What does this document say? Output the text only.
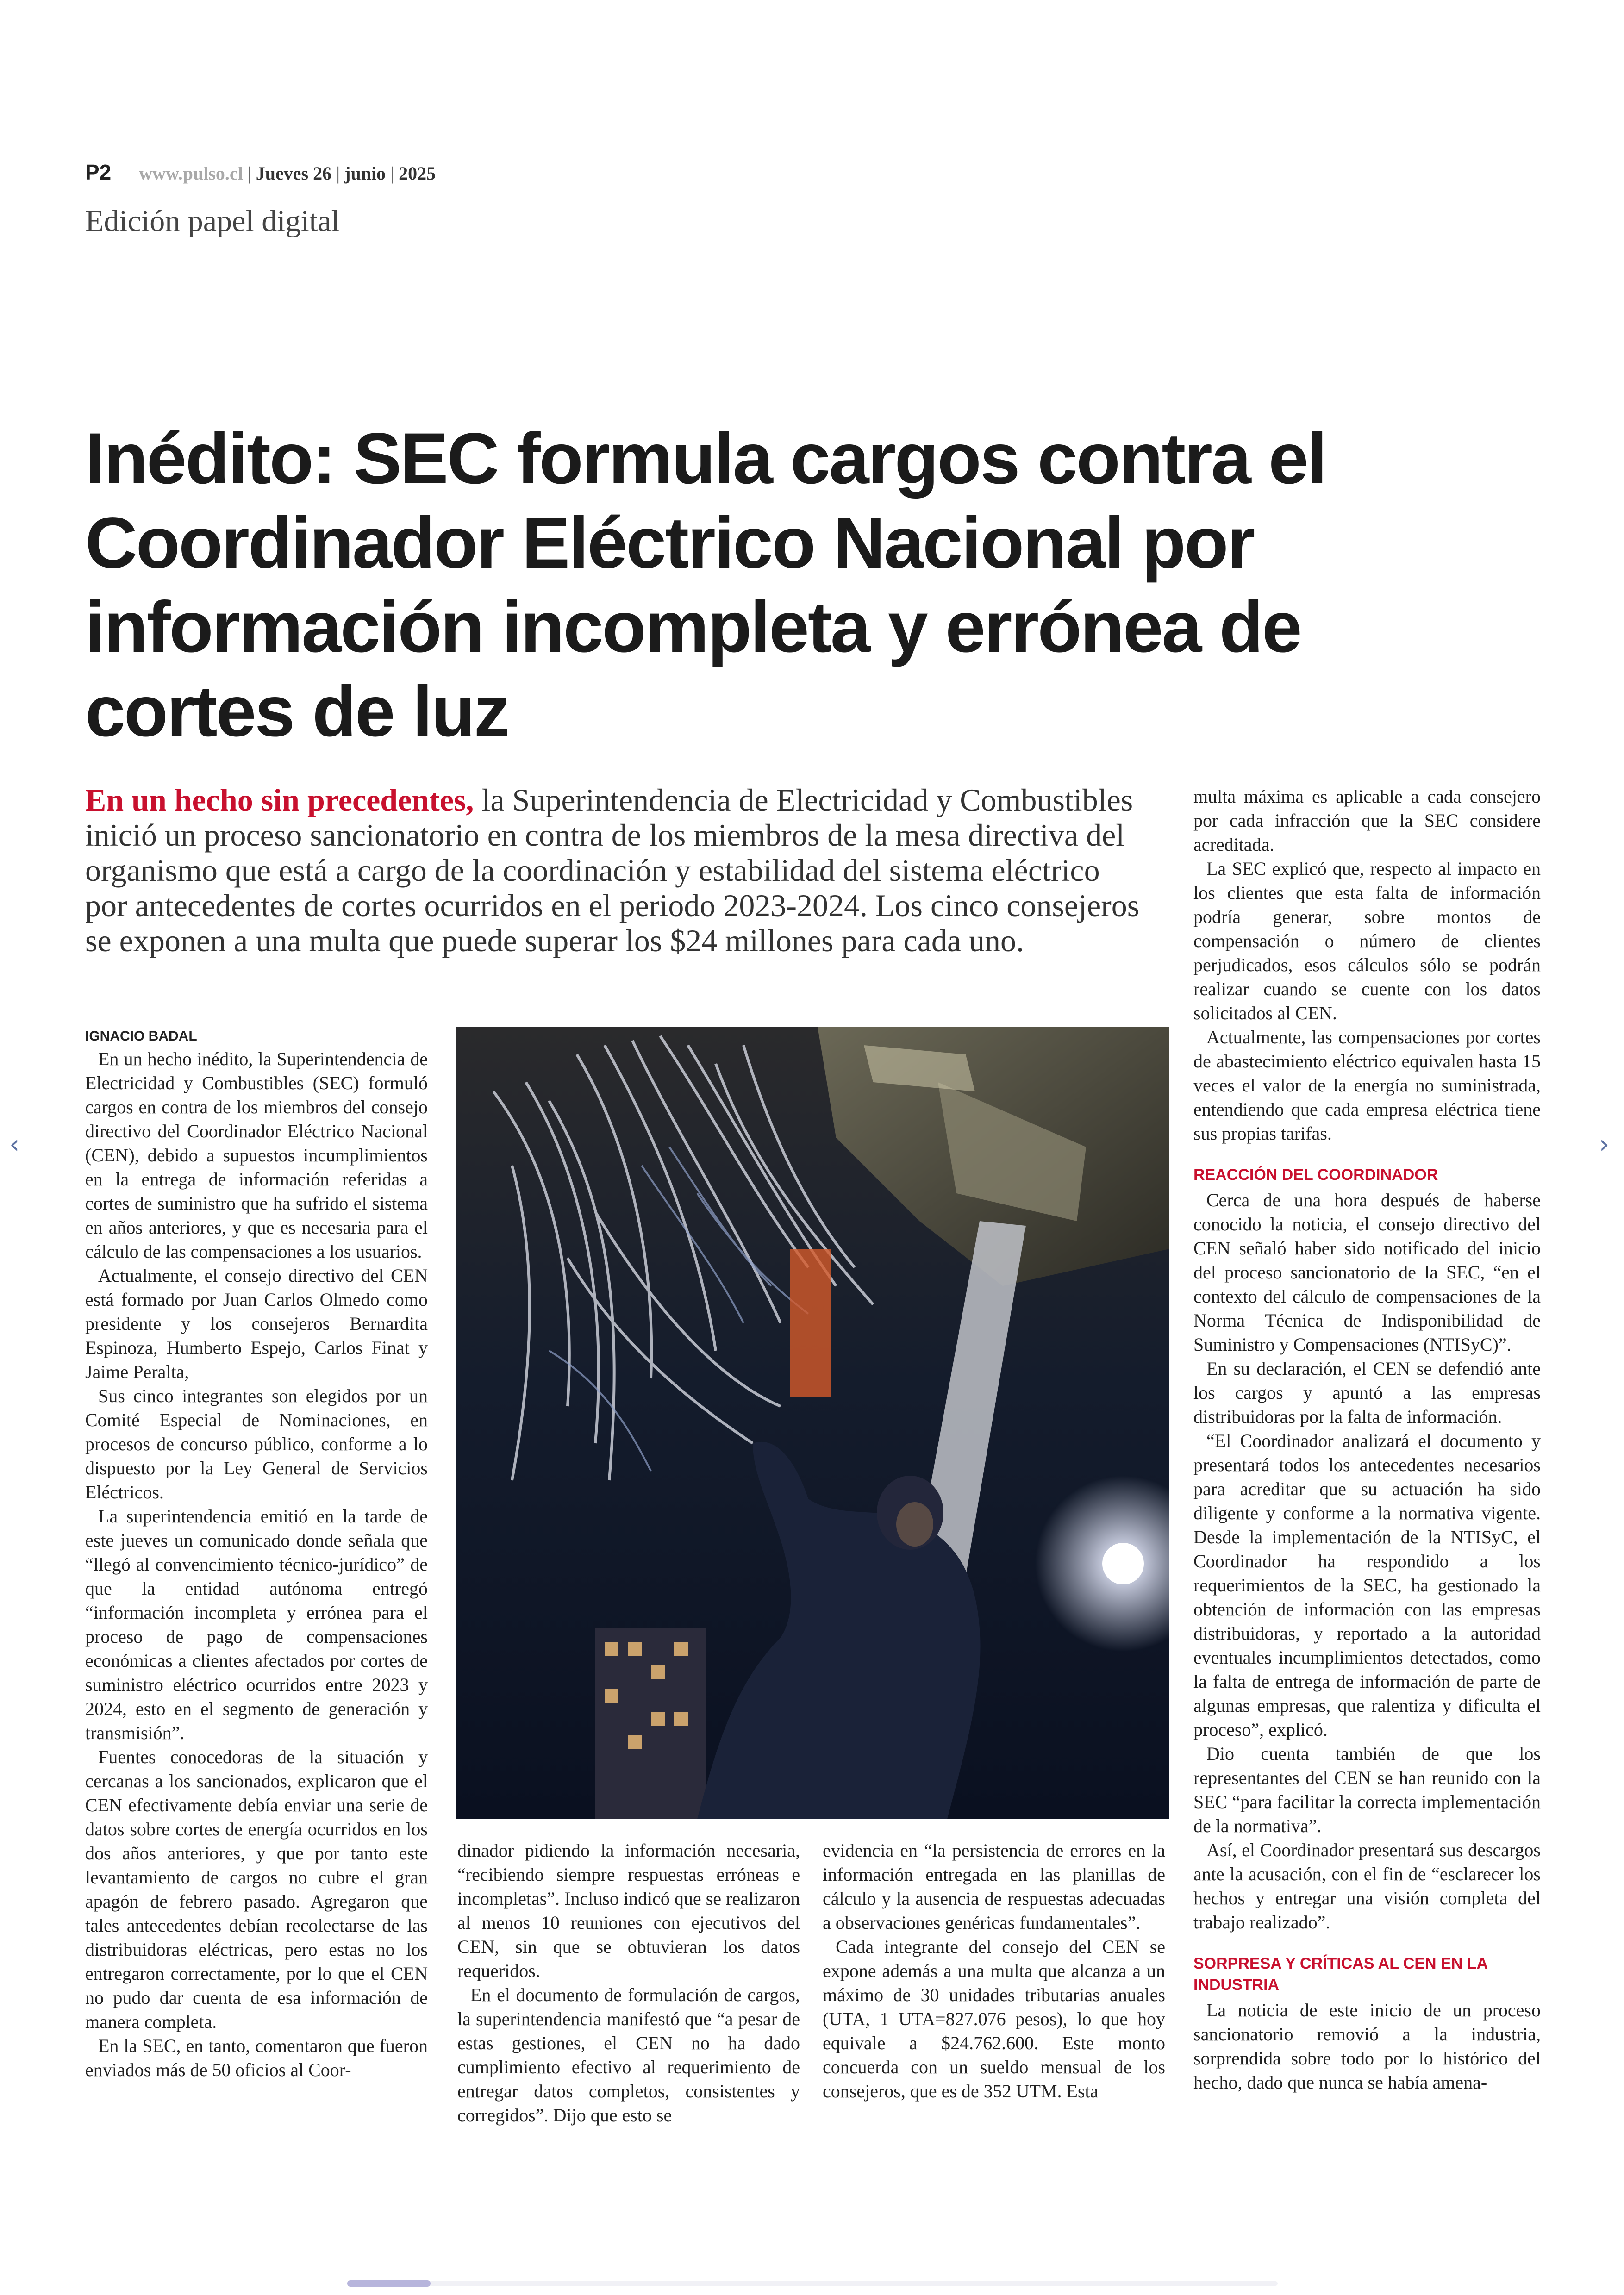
P2 www.pulso.cl | Jueves 26 | junio | 2025
Edición papel digital
Inédito: SEC formula cargos contra el Coordinador Eléctrico Nacional por información incompleta y errónea de cortes de luz

En un hecho sin precedentes, la Superintendencia de Electricidad y Combustibles inició un proceso sancionatorio en contra de los miembros de la mesa directiva del organismo que está a cargo de la coordinación y estabilidad del sistema eléctrico por antecedentes de cortes ocurridos en el periodo 2023-2024. Los cinco consejeros se exponen a una multa que puede superar los $24 millones para cada uno.

IGNACIO BADAL

En un hecho inédito, la Superintendencia de Electricidad y Combustibles (SEC) formuló cargos en contra de los miembros del consejo directivo del Coordinador Eléctrico Nacional (CEN), debido a supuestos incumplimientos en la entrega de información referidas a cortes de suministro que ha sufrido el sistema en años anteriores, y que es necesaria para el cálculo de las compensaciones a los usuarios.

Actualmente, el consejo directivo del CEN está formado por Juan Carlos Olmedo como presidente y los consejeros Bernardita Espinoza, Humberto Espejo, Carlos Finat y Jaime Peralta,

Sus cinco integrantes son elegidos por un Comité Especial de Nominaciones, en procesos de concurso público, conforme a lo dispuesto por la Ley General de Servicios Eléctricos.

La superintendencia emitió en la tarde de este jueves un comunicado donde señala que “llegó al convencimiento técnico-jurídico” de que la entidad autónoma entregó “información incompleta y errónea para el proceso de pago de compensaciones económicas a clientes afectados por cortes de suministro eléctrico ocurridos entre 2023 y 2024, esto en el segmento de generación y transmisión”.

Fuentes conocedoras de la situación y cercanas a los sancionados, explicaron que el CEN efectivamente debía enviar una serie de datos sobre cortes de energía ocurridos en los dos años anteriores, y que por tanto este levantamiento de cargos no cubre el gran apagón de febrero pasado. Agregaron que tales antecedentes debían recolectarse de las distribuidoras eléctricas, pero estas no los entregaron correctamente, por lo que el CEN no pudo dar cuenta de esa información de manera completa.

En la SEC, en tanto, comentaron que fueron enviados más de 50 oficios al Coor-

dinador pidiendo la información necesaria, “recibiendo siempre respuestas erróneas e incompletas”. Incluso indicó que se realizaron al menos 10 reuniones con ejecutivos del CEN, sin que se obtuvieran los datos requeridos.

En el documento de formulación de cargos, la superintendencia manifestó que “a pesar de estas gestiones, el CEN no ha dado cumplimiento efectivo al requerimiento de entregar datos completos, consistentes y corregidos”. Dijo que esto se

evidencia en “la persistencia de errores en la información entregada en las planillas de cálculo y la ausencia de respuestas adecuadas a observaciones genéricas fundamentales”.

Cada integrante del consejo del CEN se expone además a una multa que alcanza a un máximo de 30 unidades tributarias anuales (UTA, 1 UTA=827.076 pesos), lo que hoy equivale a $24.762.600. Este monto concuerda con un sueldo mensual de los consejeros, que es de 352 UTM. Esta

multa máxima es aplicable a cada consejero por cada infracción que la SEC considere acreditada.

La SEC explicó que, respecto al impacto en los clientes que esta falta de información podría generar, sobre montos de compensación o número de clientes perjudicados, esos cálculos sólo se podrán realizar cuando se cuente con los datos solicitados al CEN.

Actualmente, las compensaciones por cortes de abastecimiento eléctrico equivalen hasta 15 veces el valor de la energía no suministrada, entendiendo que cada empresa eléctrica tiene sus propias tarifas.

REACCIÓN DEL COORDINADOR

Cerca de una hora después de haberse conocido la noticia, el consejo directivo del CEN señaló haber sido notificado del inicio del proceso sancionatorio de la SEC, “en el contexto del cálculo de compensaciones de la Norma Técnica de Indisponibilidad de Suministro y Compensaciones (NTISyC)”.

En su declaración, el CEN se defendió ante los cargos y apuntó a las empresas distribuidoras por la falta de información.

“El Coordinador analizará el documento y presentará todos los antecedentes necesarios para acreditar que su actuación ha sido diligente y conforme a la normativa vigente. Desde la implementación de la NTISyC, el Coordinador ha respondido a los requerimientos de la SEC, ha gestionado la obtención de información con las empresas distribuidoras, y reportado a la autoridad eventuales incumplimientos detectados, como la falta de entrega de información de parte de algunas empresas, que ralentiza y dificulta el proceso”, explicó.

Dio cuenta también de que los representantes del CEN se han reunido con la SEC “para facilitar la correcta implementación de la normativa”.

Así, el Coordinador presentará sus descargos ante la acusación, con el fin de “esclarecer los hechos y entregar una visión completa del trabajo realizado”.

SORPRESA Y CRÍTICAS AL CEN EN LA INDUSTRIA

La noticia de este inicio de un proceso sancionatorio removió a la industria, sorprendida sobre todo por lo histórico del hecho, dado que nunca se había amena-

‹	›
